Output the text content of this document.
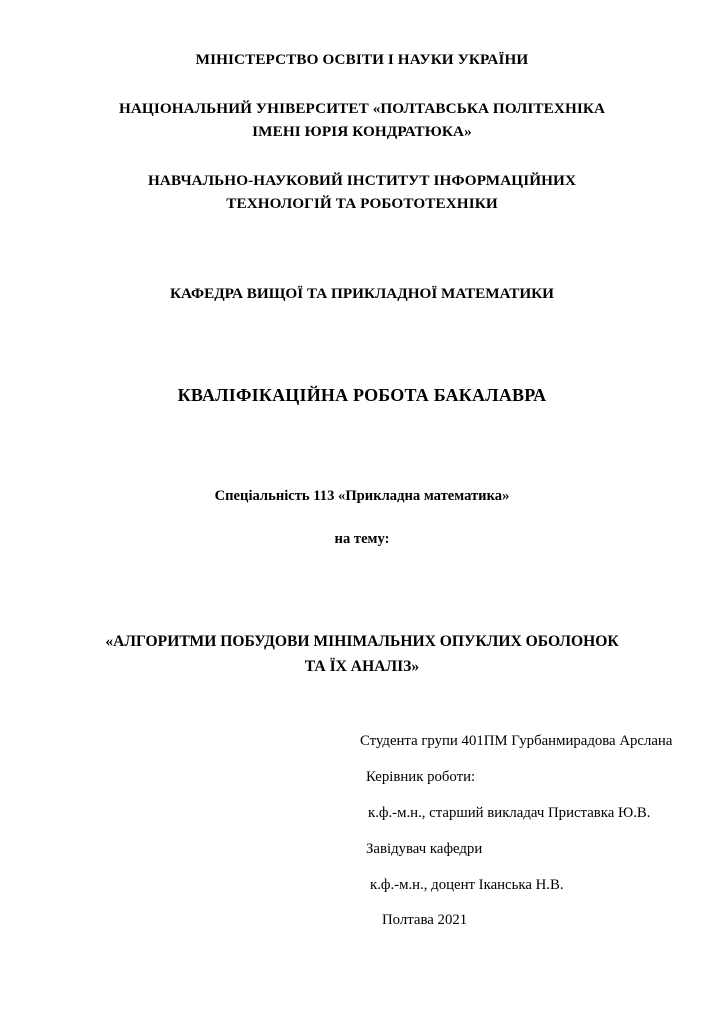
МІНІСТЕРСТВО ОСВІТИ І НАУКИ УКРАЇНИ
НАЦІОНАЛЬНИЙ УНІВЕРСИТЕТ «ПОЛТАВСЬКА ПОЛІТЕХНІКА
ІМЕНІ ЮРІЯ КОНДРАТЮКА»
НАВЧАЛЬНО-НАУКОВИЙ ІНСТИТУТ ІНФОРМАЦІЙНИХ
ТЕХНОЛОГІЙ ТА РОБОТОТЕХНІКИ
КАФЕДРА ВИЩОЇ ТА ПРИКЛАДНОЇ МАТЕМАТИКИ
КВАЛІФІКАЦІЙНА РОБОТА БАКАЛАВРА
Спеціальність 113 «Прикладна математика»
на тему:
«АЛГОРИТМИ ПОБУДОВИ МІНІМАЛЬНИХ ОПУКЛИХ ОБОЛОНОК
ТА ЇХ АНАЛІЗ»
Студента групи 401ПМ Гурбанмирадова Арслана
Керівник роботи:
к.ф.-м.н., старший викладач Приставка Ю.В.
Завідувач кафедри
к.ф.-м.н., доцент Іканська Н.В.
Полтава 2021
